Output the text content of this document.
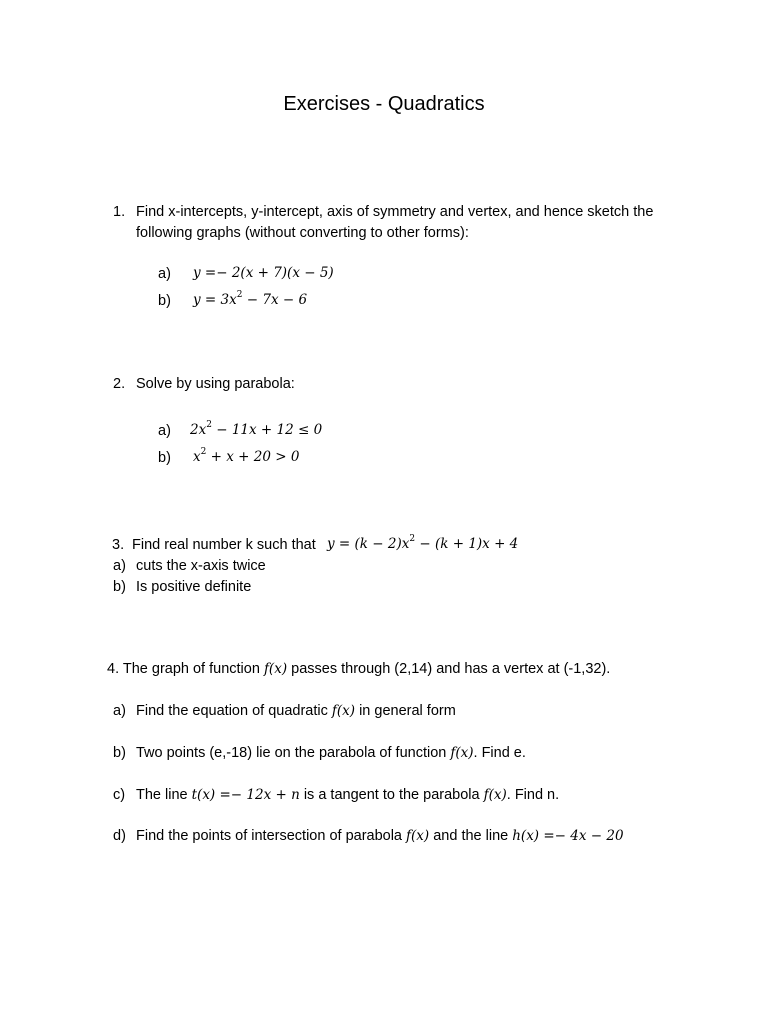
Exercises - Quadratics
1. Find x-intercepts, y-intercept, axis of symmetry and vertex, and hence sketch the
following graphs (without converting to other forms):
a) y =− 2(x + 7)(x − 5)
b) $y = 3x^2 - 7x - 6$
2. Solve by using parabola:
a) $2x^2 - 11x + 12 \le 0$
b) $x^2 + x + 20 > 0$
3. Find real number k such that $y = (k - 2)x^2 - (k + 1)x + 4$
a) cuts the x-axis twice
b) Is positive definite
4. The graph of function f(x) passes through (2,14) and has a vertex at (-1,32).
a) Find the equation of quadratic f(x) in general form
b) Two points (e,-18) lie on the parabola of function f(x). Find e.
c) The line t(x) =− 12x + n is a tangent to the parabola f(x). Find n.
d) Find the points of intersection of parabola f(x) and the line h(x) =− 4x − 20
